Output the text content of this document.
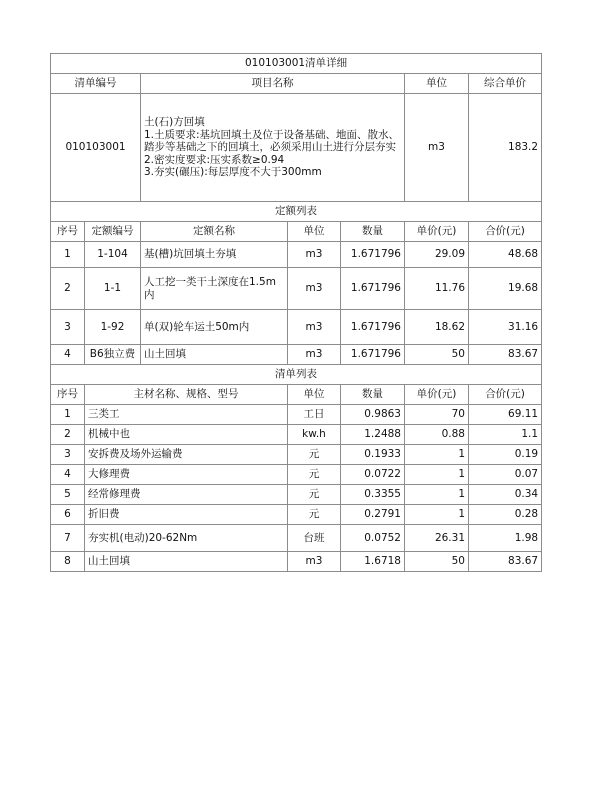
010103001清单详细						
清单编号		项目名称			单位	综合单价
010103001		土(石)方回填
1.土质要求:基坑回填土及位于设备基础、地面、散水、踏步等基础之下的回填土，必须采用山土进行分层夯实
2.密实度要求:压实系数≥0.94
3.夯实(碾压):每层厚度不大于300mm			m3	183.2
定额列表						
序号	定额编号	定额名称	单位	数量	单价(元)	合价(元)
1	1-104	基(槽)坑回填土夯填	m3	1.671796	29.09	48.68
2	1-1	人工挖一类干土深度在1.5m内	m3	1.671796	11.76	19.68
3	1-92	单(双)轮车运土50m内	m3	1.671796	18.62	31.16
4	B6独立费	山土回填	m3	1.671796	50	83.67
清单列表						
序号	主材名称、规格、型号		单位	数量	单价(元)	合价(元)
1	三类工		工日	0.9863	70	69.11
2	机械中也		kw.h	1.2488	0.88	1.1
3	安拆费及场外运输费		元	0.1933	1	0.19
4	大修理费		元	0.0722	1	0.07
5	经常修理费		元	0.3355	1	0.34
6	折旧费		元	0.2791	1	0.28
7	夯实机(电动)20-62Nm		台班	0.0752	26.31	1.98
8	山土回填		m3	1.6718	50	83.67
